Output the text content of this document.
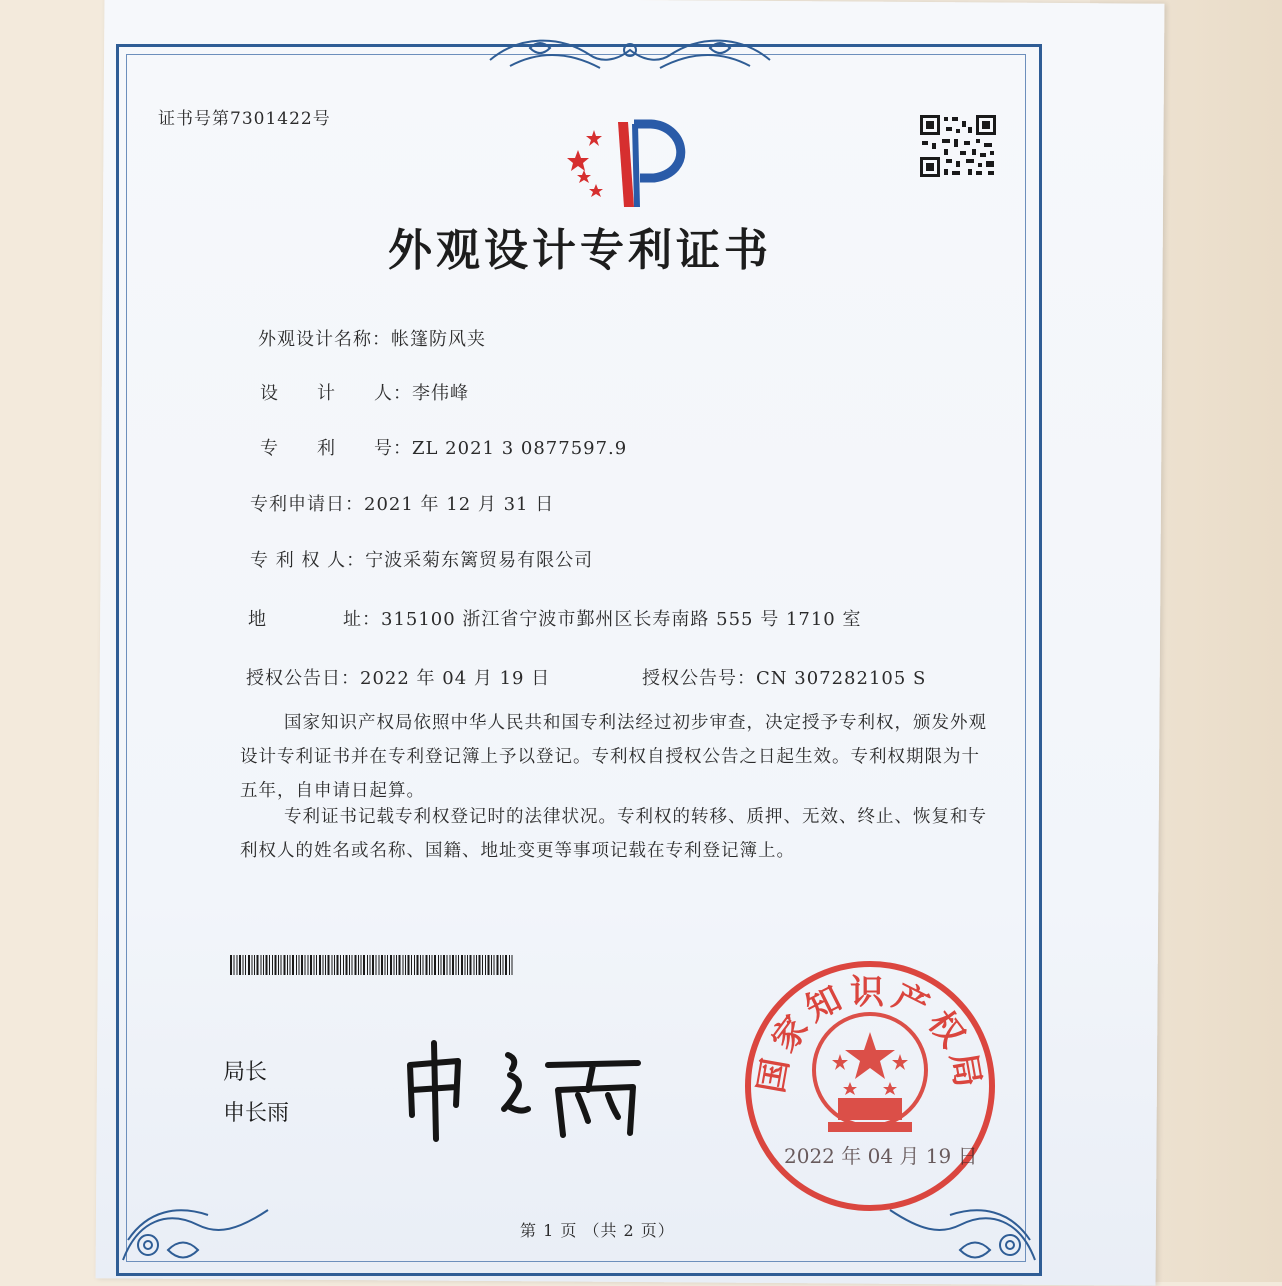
证书号第7301422号
外观设计专利证书
外观设计名称：帐篷防风夹
设　　计　　人：李伟峰
专　　利　　号：ZL 2021 3 0877597.9
专利申请日：2021 年 12 月 31 日
专 利 权 人：宁波采菊东篱贸易有限公司
地　　　　址：315100 浙江省宁波市鄞州区长寿南路 555 号 1710 室
授权公告日：2022 年 04 月 19 日	授权公告号：CN 307282105 S
国家知识产权局依照中华人民共和国专利法经过初步审查，决定授予专利权，颁发外观
设计专利证书并在专利登记簿上予以登记。专利权自授权公告之日起生效。专利权期限为十
五年，自申请日起算。
专利证书记载专利权登记时的法律状况。专利权的转移、质押、无效、终止、恢复和专
利权人的姓名或名称、国籍、地址变更等事项记载在专利登记簿上。
局长
申长雨
国家知识产权局
2022 年 04 月 19 日
第 1 页 （共 2 页）
